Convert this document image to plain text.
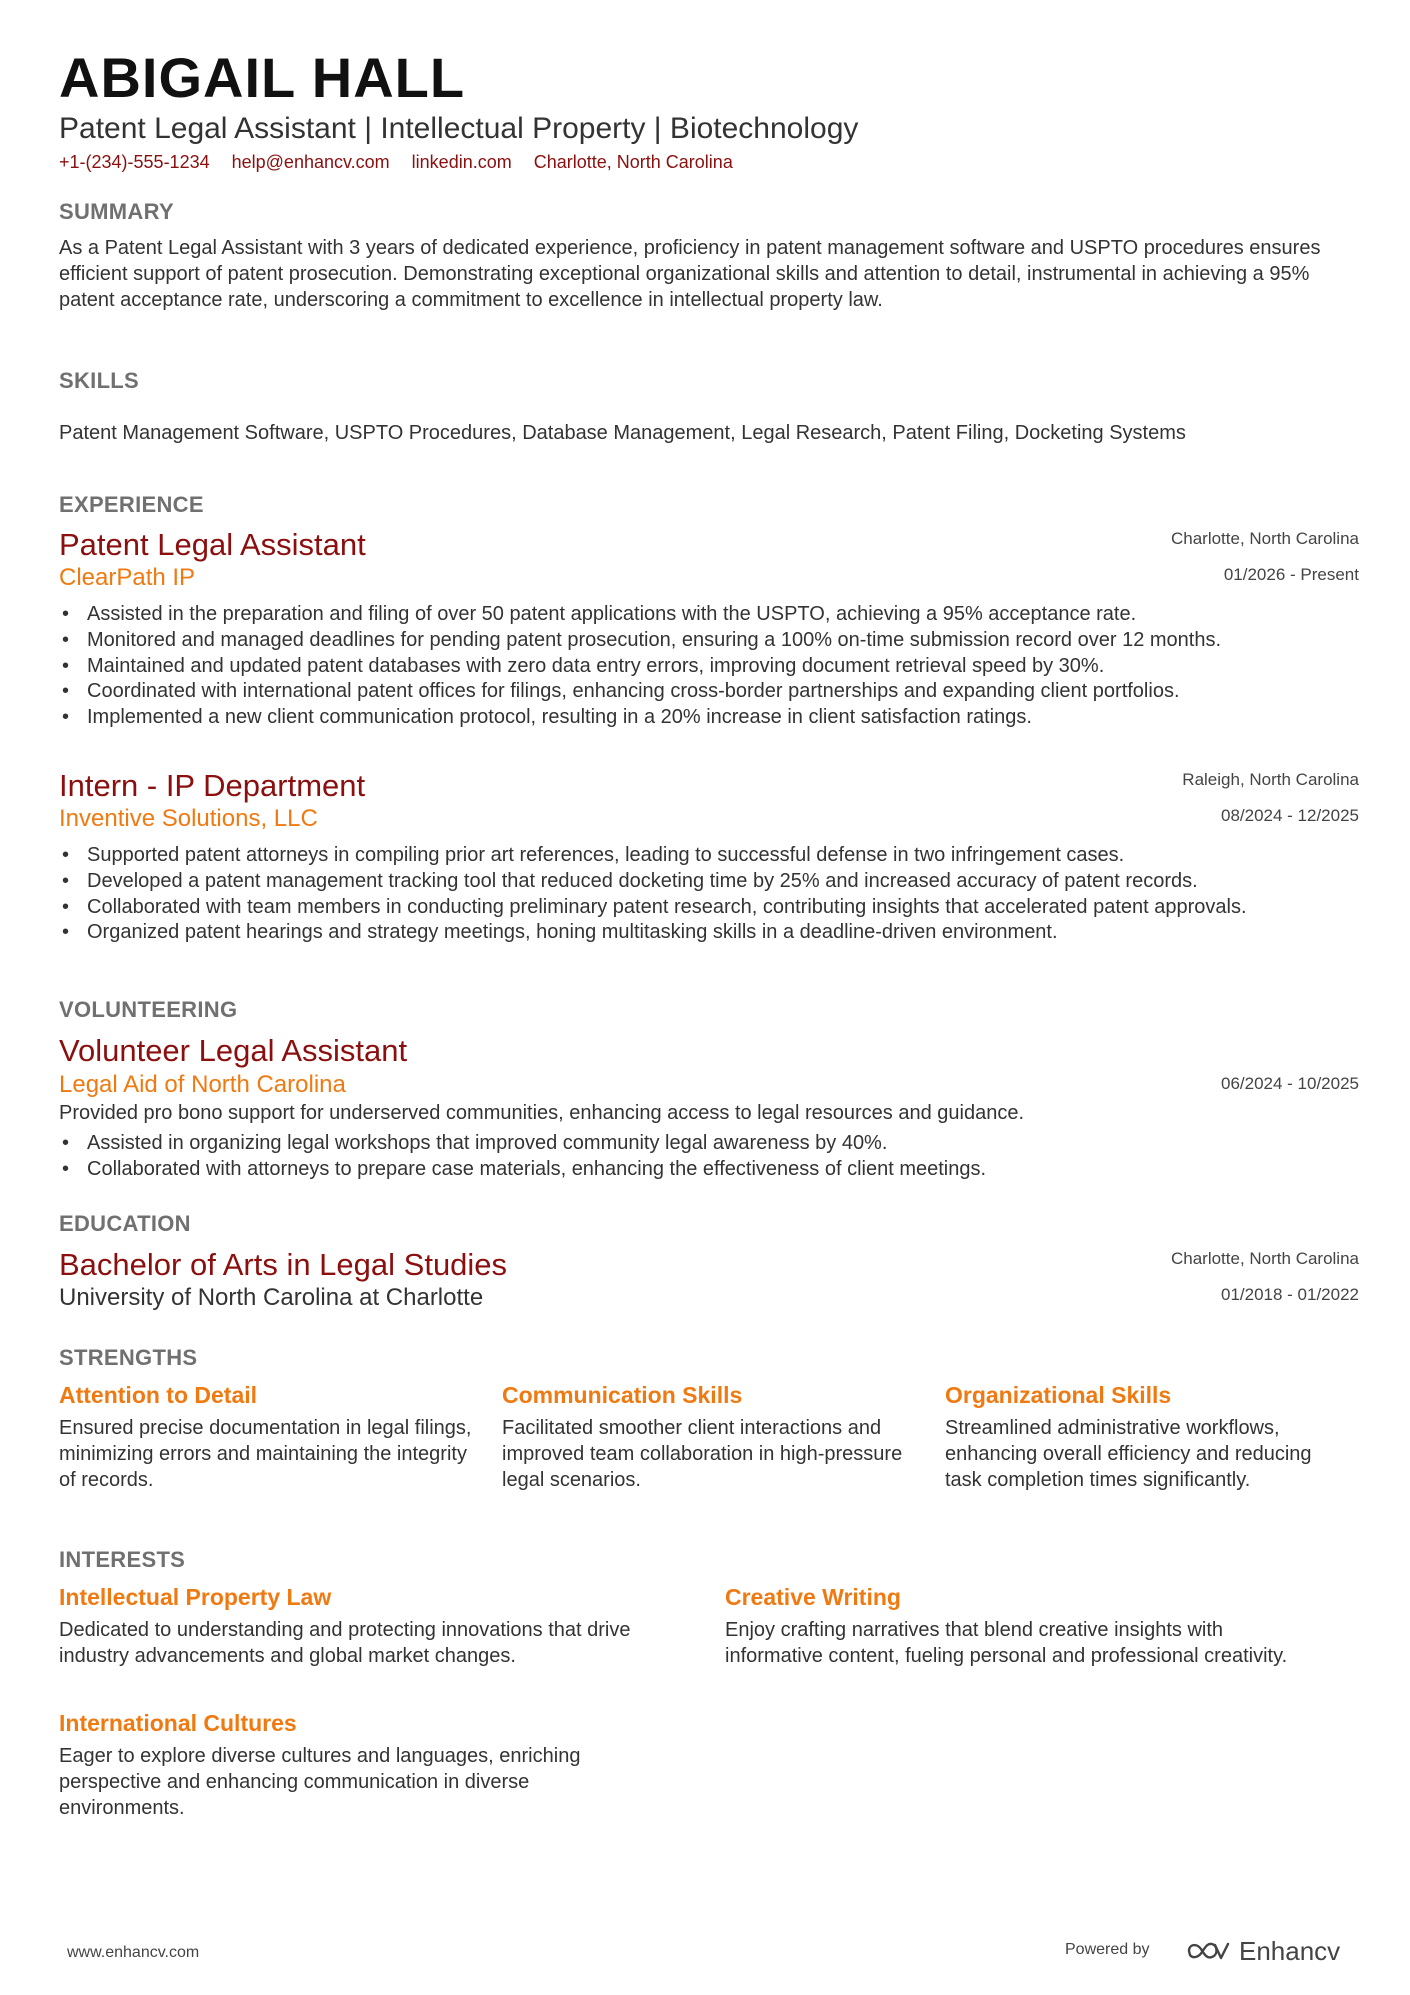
ABIGAIL HALL
Patent Legal Assistant | Intellectual Property | Biotechnology
+1-(234)-555-1234 help@enhancv.com linkedin.com Charlotte, North Carolina
SUMMARY
As a Patent Legal Assistant with 3 years of dedicated experience, proficiency in patent management software and USPTO procedures ensures efficient support of patent prosecution. Demonstrating exceptional organizational skills and attention to detail, instrumental in achieving a 95% patent acceptance rate, underscoring a commitment to excellence in intellectual property law.
SKILLS
Patent Management Software, USPTO Procedures, Database Management, Legal Research, Patent Filing, Docketing Systems
EXPERIENCE
Patent Legal Assistant	Charlotte, North Carolina
ClearPath IP	01/2026 - Present
• Assisted in the preparation and filing of over 50 patent applications with the USPTO, achieving a 95% acceptance rate.
• Monitored and managed deadlines for pending patent prosecution, ensuring a 100% on-time submission record over 12 months.
• Maintained and updated patent databases with zero data entry errors, improving document retrieval speed by 30%.
• Coordinated with international patent offices for filings, enhancing cross-border partnerships and expanding client portfolios.
• Implemented a new client communication protocol, resulting in a 20% increase in client satisfaction ratings.
Intern - IP Department	Raleigh, North Carolina
Inventive Solutions, LLC	08/2024 - 12/2025
• Supported patent attorneys in compiling prior art references, leading to successful defense in two infringement cases.
• Developed a patent management tracking tool that reduced docketing time by 25% and increased accuracy of patent records.
• Collaborated with team members in conducting preliminary patent research, contributing insights that accelerated patent approvals.
• Organized patent hearings and strategy meetings, honing multitasking skills in a deadline-driven environment.
VOLUNTEERING
Volunteer Legal Assistant
Legal Aid of North Carolina	06/2024 - 10/2025
Provided pro bono support for underserved communities, enhancing access to legal resources and guidance.
• Assisted in organizing legal workshops that improved community legal awareness by 40%.
• Collaborated with attorneys to prepare case materials, enhancing the effectiveness of client meetings.
EDUCATION
Bachelor of Arts in Legal Studies	Charlotte, North Carolina
University of North Carolina at Charlotte	01/2018 - 01/2022
STRENGTHS
Attention to Detail
Ensured precise documentation in legal filings, minimizing errors and maintaining the integrity of records.
Communication Skills
Facilitated smoother client interactions and improved team collaboration in high-pressure legal scenarios.
Organizational Skills
Streamlined administrative workflows, enhancing overall efficiency and reducing task completion times significantly.
INTERESTS
Intellectual Property Law
Dedicated to understanding and protecting innovations that drive industry advancements and global market changes.
Creative Writing
Enjoy crafting narratives that blend creative insights with informative content, fueling personal and professional creativity.
International Cultures
Eager to explore diverse cultures and languages, enriching perspective and enhancing communication in diverse environments.
www.enhancv.com	Powered by	Enhancv
